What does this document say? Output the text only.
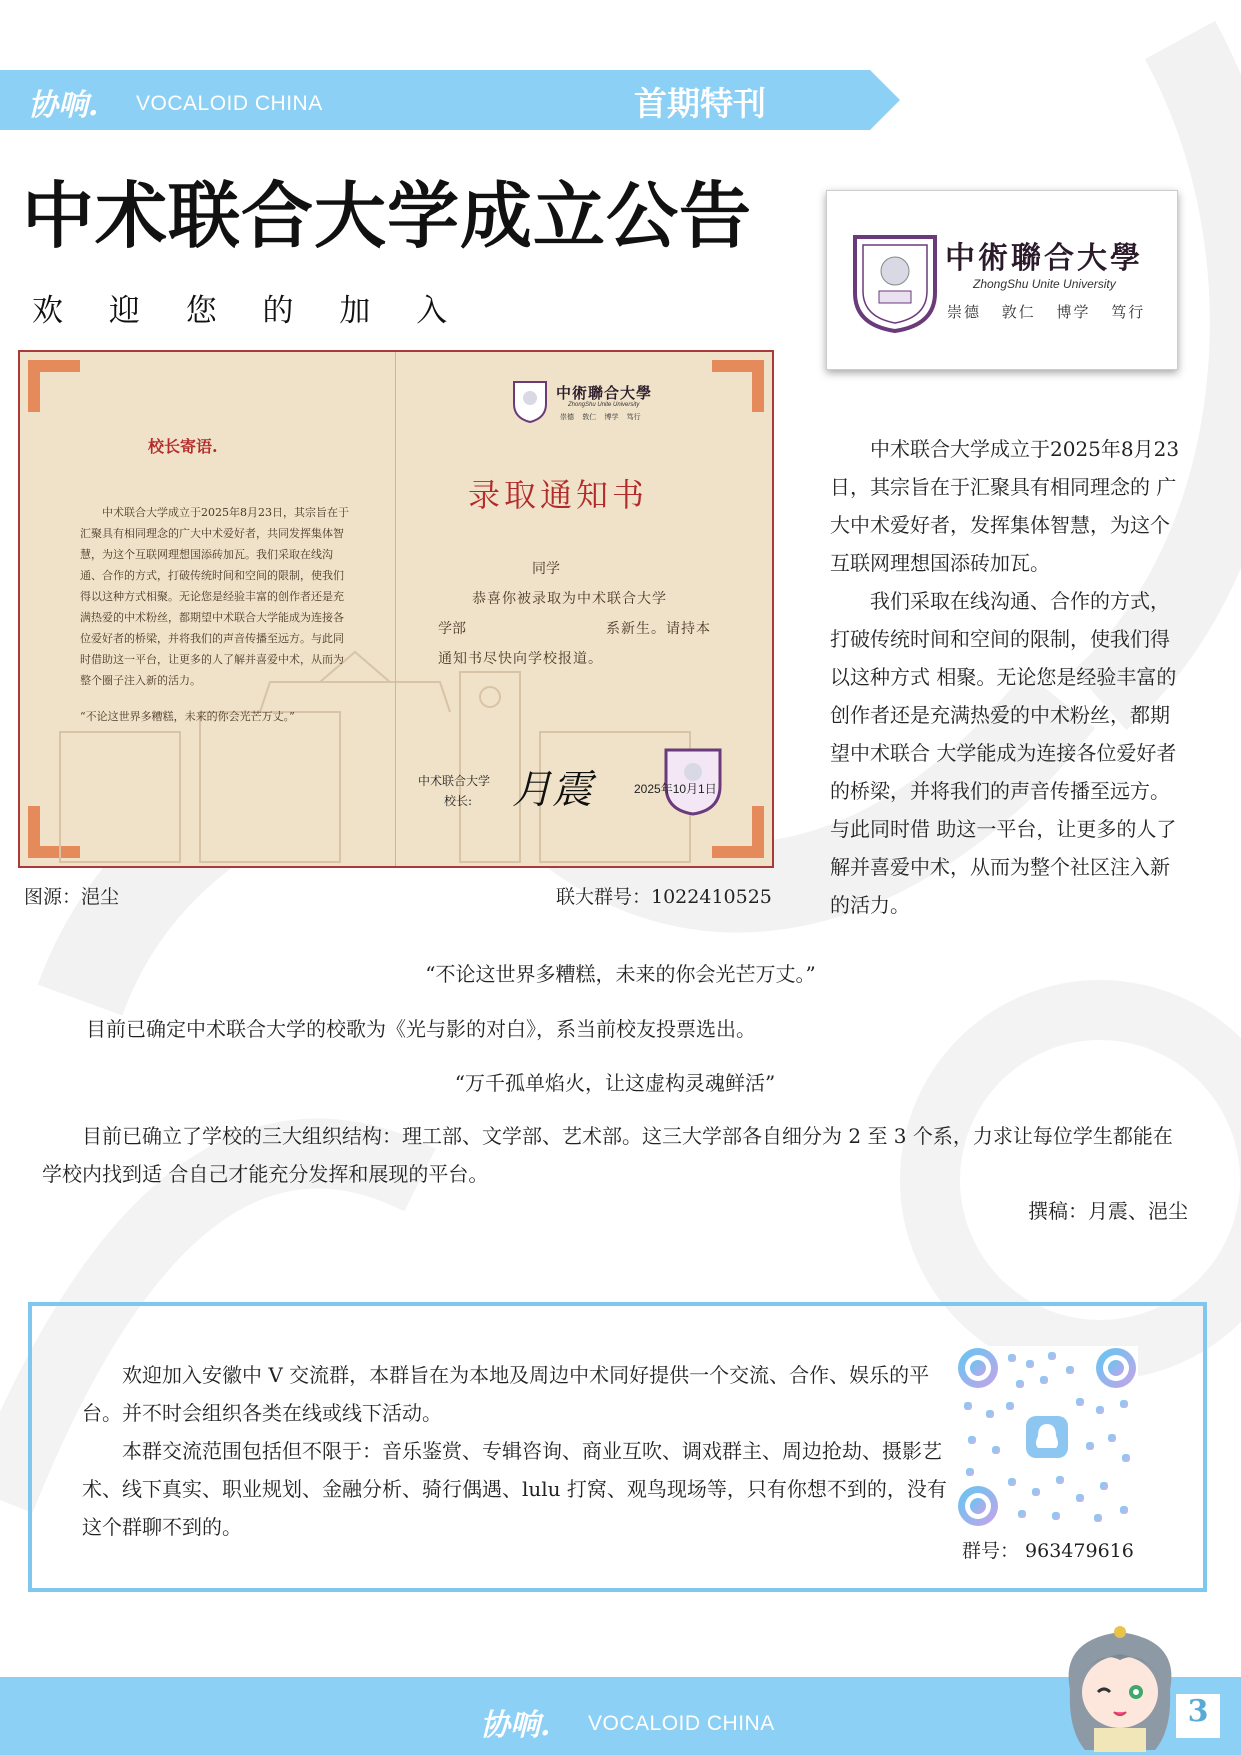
协响. VOCALOID CHINA	首期特刊
中术联合大学成立公告
欢 迎 您 的 加 入
中術聯合大學
ZhongShu Unite University
崇德 敦仁 博学 笃行
中術聯合大學
ZhongShu Unite University
崇德 敦仁 博学 笃行
校长寄语.
中术联合大学成立于2025年8月23日，其宗旨在于汇聚具有相同理念的广大中术爱好者，共同发挥集体智慧，为这个互联网理想国添砖加瓦。我们采取在线沟通、合作的方式，打破传统时间和空间的限制，使我们得以这种方式相聚。无论您是经验丰富的创作者还是充满热爱的中术粉丝，都期望中术联合大学能成为连接各位爱好者的桥梁，并将我们的声音传播至远方。与此同时借助这一平台，让更多的人了解并喜爱中术，从而为整个圈子注入新的活力。
“不论这世界多糟糕，未来的你会光芒万丈。”
录取通知书
同学
恭喜你被录取为中术联合大学
学部	系新生。请持本
通知书尽快向学校报道。
中术联合大学
校长: 月震	2025年10月1日
图源：浥尘	联大群号：1022410525

中术联合大学成立于2025年8月23日，其宗旨在于汇聚具有相同理念的 广大中术爱好者，发挥集体智慧，为这个互联网理想国添砖加瓦。

我们采取在线沟通、合作的方式，打破传统时间和空间的限制，使我们得以这种方式 相聚。无论您是经验丰富的创作者还是充满热爱的中术粉丝，都期望中术联合 大学能成为连接各位爱好者的桥梁，并将我们的声音传播至远方。与此同时借 助这一平台，让更多的人了解并喜爱中术，从而为整个社区注入新的活力。

“不论这世界多糟糕，未来的你会光芒万丈。”
目前已确定中术联合大学的校歌为《光与影的对白》，系当前校友投票选出。
“万千孤单焰火，让这虚构灵魂鲜活”
目前已确立了学校的三大组织结构：理工部、文学部、艺术部。这三大学部各自细分为 2 至 3 个系，力求让每位学生都能在学校内找到适 合自己才能充分发挥和展现的平台。
撰稿：月震、浥尘

欢迎加入安徽中 V 交流群，本群旨在为本地及周边中术同好提供一个交流、合作、娱乐的平台。并不时会组织各类在线或线下活动。

本群交流范围包括但不限于：音乐鉴赏、专辑咨询、商业互吹、调戏群主、周边抢劫、摄影艺术、线下真实、职业规划、金融分析、骑行偶遇、lulu 打窝、观鸟现场等，只有你想不到的，没有这个群聊不到的。

群号： 963479616
协响. VOCALOID CHINA	3
